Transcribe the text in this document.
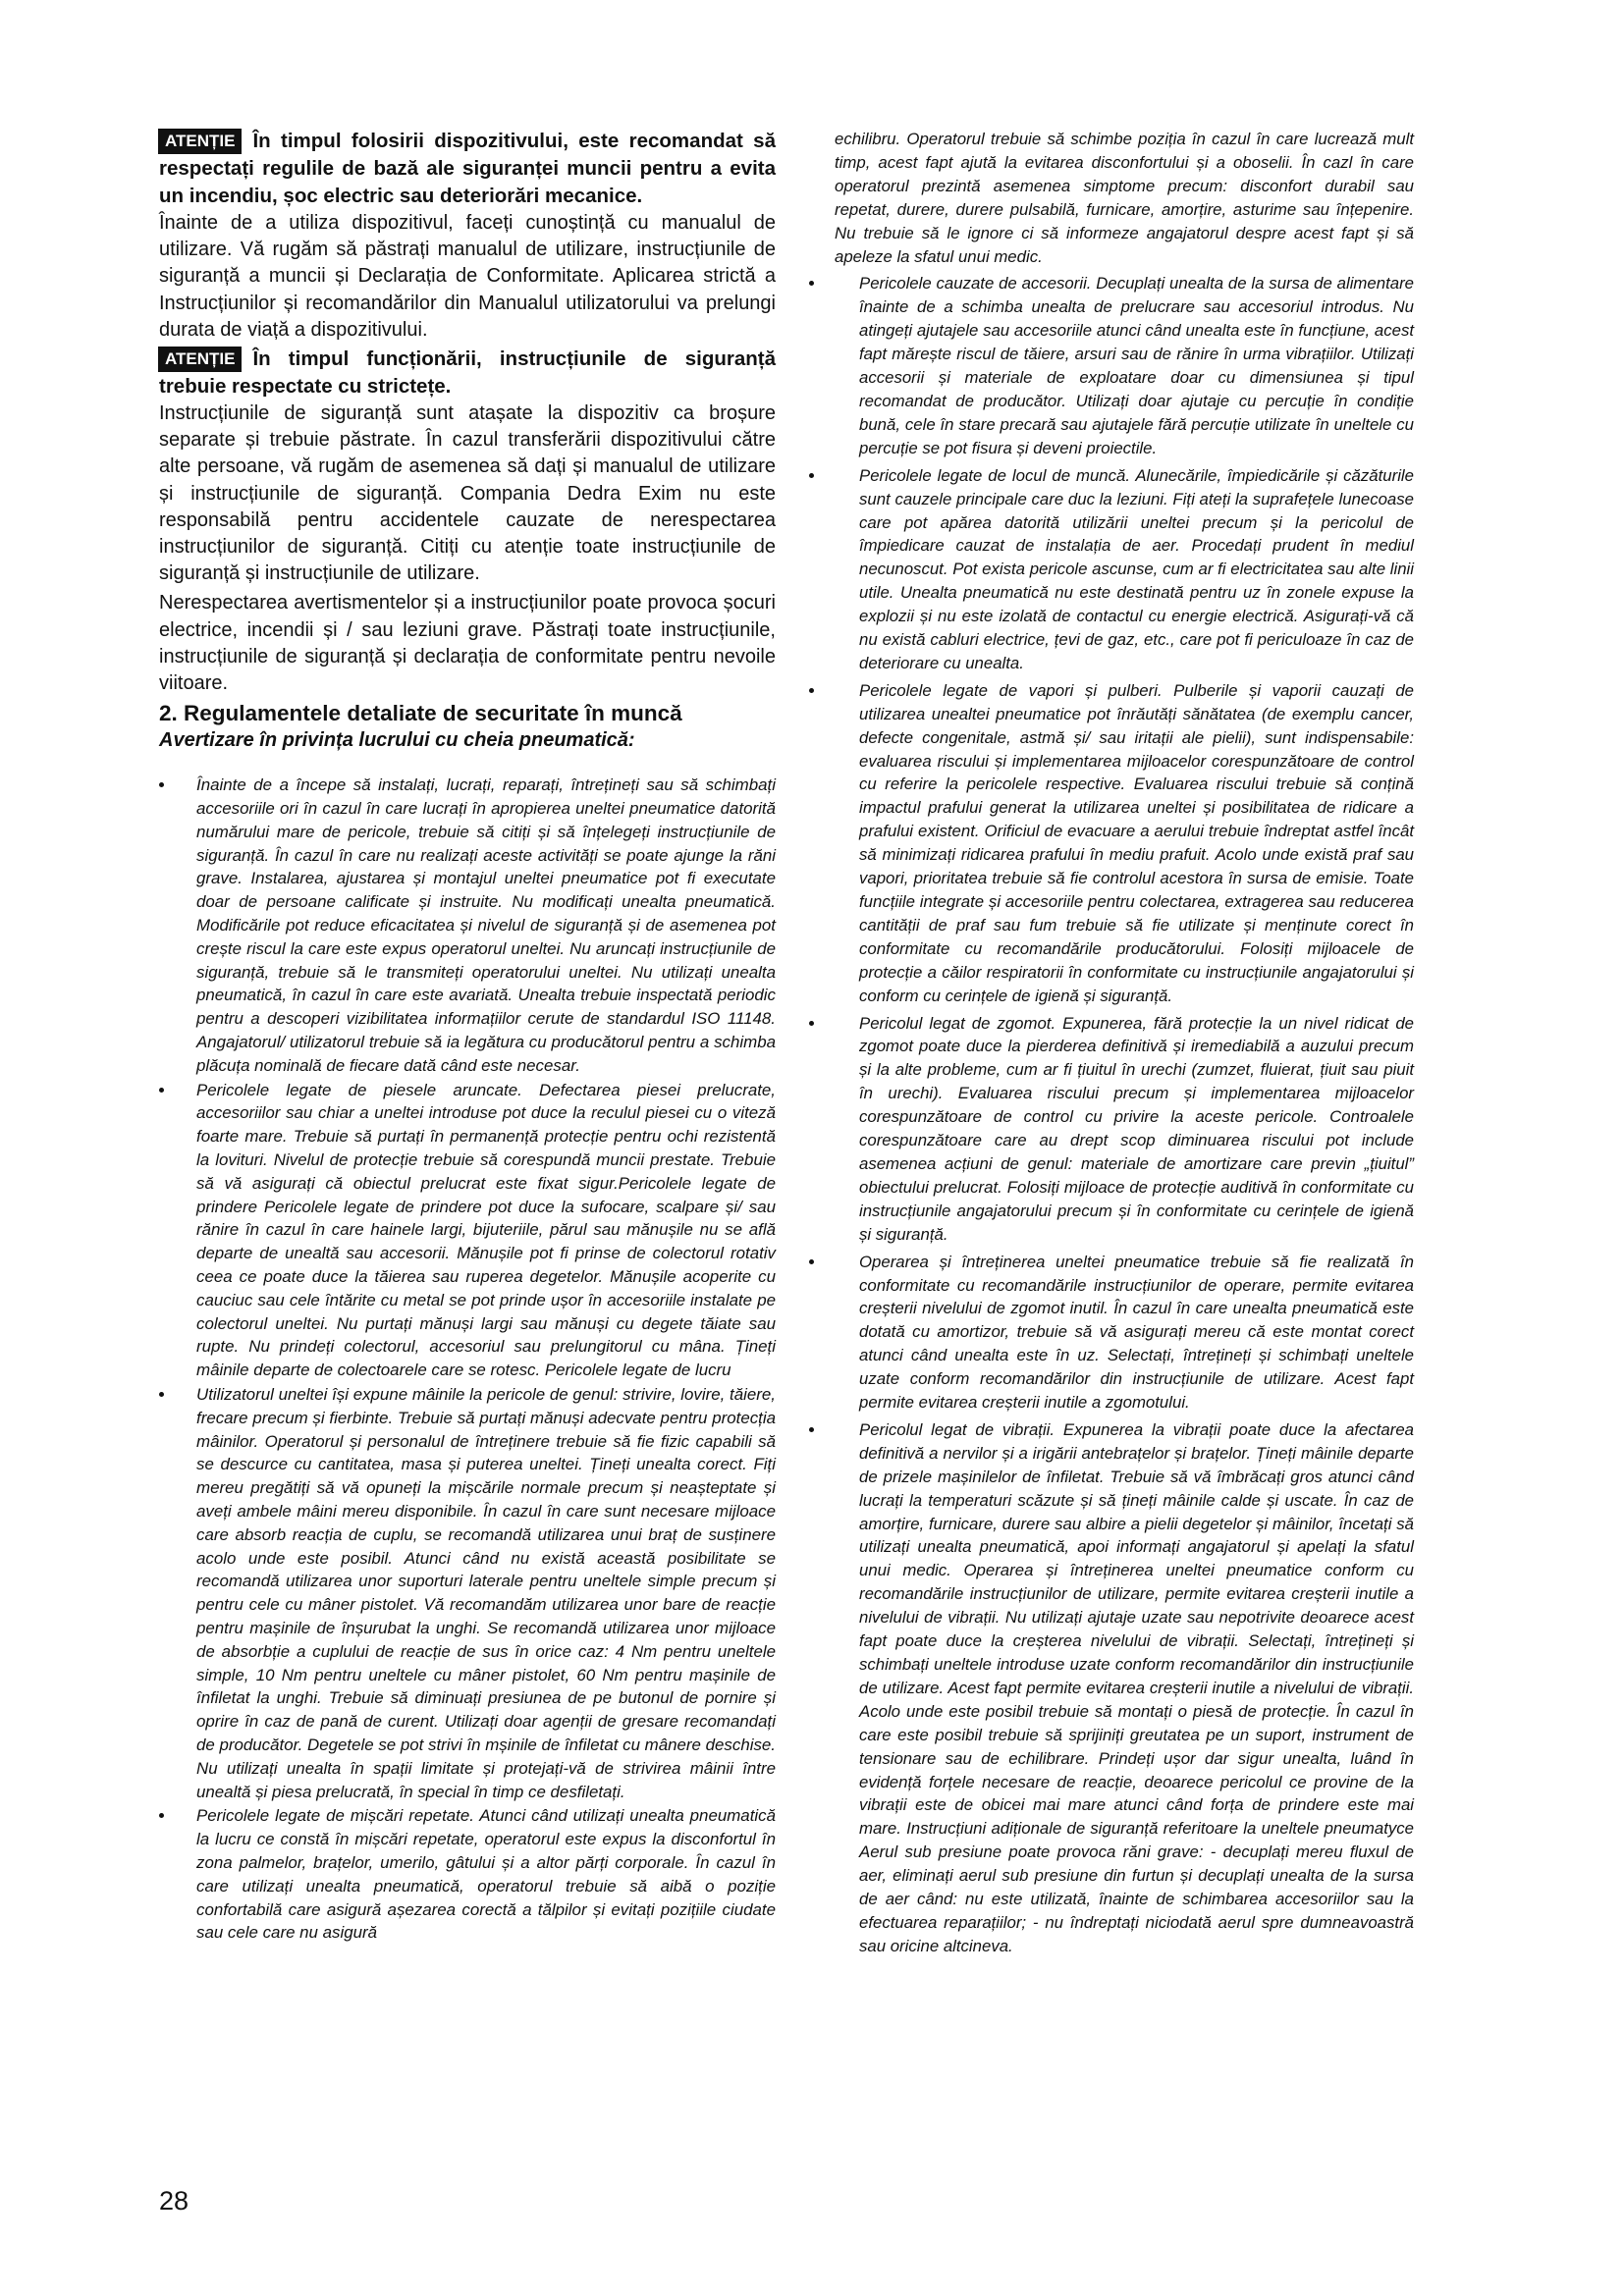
ATENȚIE În timpul folosirii dispozitivului, este recomandat să respectați regulile de bază ale siguranței muncii pentru a evita un incendiu, șoc electric sau deteriorări mecanice.

Înainte de a utiliza dispozitivul, faceți cunoștință cu manualul de utilizare. Vă rugăm să păstrați manualul de utilizare, instrucțiunile de siguranță a muncii și Declarația de Conformitate. Aplicarea strictă a Instrucțiunilor și recomandărilor din Manualul utilizatorului va prelungi durata de viață a dispozitivului.

ATENȚIE În timpul funcționării, instrucțiunile de siguranță trebuie respectate cu strictețe.

Instrucțiunile de siguranță sunt atașate la dispozitiv ca broșure separate și trebuie păstrate. În cazul transferării dispozitivului către alte persoane, vă rugăm de asemenea să dați și manualul de utilizare și instrucțiunile de siguranță. Compania Dedra Exim nu este responsabilă pentru accidentele cauzate de nerespectarea instrucțiunilor de siguranță. Citiți cu atenție toate instrucțiunile de siguranță și instrucțiunile de utilizare.

Nerespectarea avertismentelor și a instrucțiunilor poate provoca șocuri electrice, incendii și / sau leziuni grave. Păstrați toate instrucțiunile, instrucțiunile de siguranță și declarația de conformitate pentru nevoile viitoare.

2. Regulamentele detaliate de securitate în muncă

Avertizare în privința lucrului cu cheia pneumatică:

Înainte de a începe să instalați, lucrați, reparați, întrețineți sau să schimbați accesoriile ori în cazul în care lucrați în apropierea uneltei pneumatice datorită numărului mare de pericole, trebuie să citiți și să înțelegeți instrucțiunile de siguranță. În cazul în care nu realizați aceste activități se poate ajunge la răni grave. Instalarea, ajustarea și montajul uneltei pneumatice pot fi executate doar de persoane calificate și instruite. Nu modificați unealta pneumatică. Modificările pot reduce eficacitatea și nivelul de siguranță și de asemenea pot crește riscul la care este expus operatorul uneltei. Nu aruncați instrucțiunile de siguranță, trebuie să le transmiteți operatorului uneltei. Nu utilizați unealta pneumatică, în cazul în care este avariată. Unealta trebuie inspectată periodic pentru a descoperi vizibilitatea informațiilor cerute de standardul ISO 11148. Angajatorul/ utilizatorul trebuie să ia legătura cu producătorul pentru a schimba plăcuța nominală de fiecare dată când este necesar.
Pericolele legate de piesele aruncate. Defectarea piesei prelucrate, accesoriilor sau chiar a uneltei introduse pot duce la reculul piesei cu o viteză foarte mare. Trebuie să purtați în permanență protecție pentru ochi rezistentă la lovituri. Nivelul de protecție trebuie să corespundă muncii prestate. Trebuie să vă asigurați că obiectul prelucrat este fixat sigur.Pericolele legate de prindere Pericolele legate de prindere pot duce la sufocare, scalpare și/ sau rănire în cazul în care hainele largi, bijuteriile, părul sau mănușile nu se află departe de unealtă sau accesorii. Mănușile pot fi prinse de colectorul rotativ ceea ce poate duce la tăierea sau ruperea degetelor. Mănușile acoperite cu cauciuc sau cele întărite cu metal se pot prinde ușor în accesoriile instalate pe colectorul uneltei. Nu purtați mănuși largi sau mănuși cu degete tăiate sau rupte. Nu prindeți colectorul, accesoriul sau prelungitorul cu mâna. Țineți mâinile departe de colectoarele care se rotesc. Pericolele legate de lucru
Utilizatorul uneltei își expune mâinile la pericole de genul: strivire, lovire, tăiere, frecare precum și fierbinte. Trebuie să purtați mănuși adecvate pentru protecția mâinilor. Operatorul și personalul de întreținere trebuie să fie fizic capabili să se descurce cu cantitatea, masa și puterea uneltei. Țineți unealta corect. Fiți mereu pregătiți să vă opuneți la mișcările normale precum și neașteptate și aveți ambele mâini mereu disponibile. În cazul în care sunt necesare mijloace care absorb reacția de cuplu, se recomandă utilizarea unui braț de susținere acolo unde este posibil. Atunci când nu există această posibilitate se recomandă utilizarea unor suporturi laterale pentru uneltele simple precum și pentru cele cu mâner pistolet. Vă recomandăm utilizarea unor bare de reacție pentru mașinile de înșurubat la unghi. Se recomandă utilizarea unor mijloace de absorbție a cuplului de reacție de sus în orice caz: 4 Nm pentru uneltele simple, 10 Nm pentru uneltele cu mâner pistolet, 60 Nm pentru mașinile de înfiletat la unghi. Trebuie să diminuați presiunea de pe butonul de pornire și oprire în caz de pană de curent. Utilizați doar agenții de gresare recomandați de producător. Degetele se pot strivi în mșinile de înfiletat cu mânere deschise. Nu utilizați unealta în spații limitate și protejați-vă de strivirea mâinii între unealtă și piesa prelucrată, în special în timp ce desfiletați.
Pericolele legate de mișcări repetate. Atunci când utilizați unealta pneumatică la lucru ce constă în mișcări repetate, operatorul este expus la disconfortul în zona palmelor, brațelor, umerilo, gâtului și a altor părți corporale. În cazul în care utilizați unealta pneumatică, operatorul trebuie să aibă o poziție confortabilă care asigură așezarea corectă a tălpilor și evitați pozițiile ciudate sau cele care nu asigură

echilibru. Operatorul trebuie să schimbe poziția în cazul în care lucrează mult timp, acest fapt ajută la evitarea disconfortului și a oboselii. În cazl în care operatorul prezintă asemenea simptome precum: disconfort durabil sau repetat, durere, durere pulsabilă, furnicare, amorțire, asturime sau înțepenire. Nu trebuie să le ignore ci să informeze angajatorul despre acest fapt și să apeleze la sfatul unui medic.

Pericolele cauzate de accesorii. Decuplați unealta de la sursa de alimentare înainte de a schimba unealta de prelucrare sau accesoriul introdus. Nu atingeți ajutajele sau accesoriile atunci când unealta este în funcțiune, acest fapt mărește riscul de tăiere, arsuri sau de rănire în urma vibrațiilor. Utilizați accesorii și materiale de exploatare doar cu dimensiunea și tipul recomandat de producător. Utilizați doar ajutaje cu percuție în condiție bună, cele în stare precară sau ajutajele fără percuție utilizate în uneltele cu percuție se pot fisura și deveni proiectile.
Pericolele legate de locul de muncă. Alunecările, împiedicările și căzăturile sunt cauzele principale care duc la leziuni. Fiți ateți la suprafețele lunecoase care pot apărea datorită utilizării uneltei precum și la pericolul de împiedicare cauzat de instalația de aer. Procedați prudent în mediul necunoscut. Pot exista pericole ascunse, cum ar fi electricitatea sau alte linii utile. Unealta pneumatică nu este destinată pentru uz în zonele expuse la explozii și nu este izolată de contactul cu energie electrică. Asigurați-vă că nu există cabluri electrice, țevi de gaz, etc., care pot fi periculoaze în caz de deteriorare cu unealta.
Pericolele legate de vapori și pulberi. Pulberile și vaporii cauzați de utilizarea unealtei pneumatice pot înrăutăți sănătatea (de exemplu cancer, defecte congenitale, astmă și/ sau iritații ale pielii), sunt indispensabile: evaluarea riscului și implementarea mijloacelor corespunzătoare de control cu referire la pericolele respective. Evaluarea riscului trebuie să conțină impactul prafului generat la utilizarea uneltei și posibilitatea de ridicare a prafului existent. Orificiul de evacuare a aerului trebuie îndreptat astfel încât să minimizați ridicarea prafului în mediu prafuit. Acolo unde există praf sau vapori, prioritatea trebuie să fie controlul acestora în sursa de emisie. Toate funcțiile integrate și accesoriile pentru colectarea, extragerea sau reducerea cantității de praf sau fum trebuie să fie utilizate și menținute corect în conformitate cu recomandările producătorului. Folosiți mijloacele de protecție a căilor respiratorii în conformitate cu instrucțiunile angajatorului și conform cu cerințele de igienă și siguranță.
Pericolul legat de zgomot. Expunerea, fără protecție la un nivel ridicat de zgomot poate duce la pierderea definitivă și iremediabilă a auzului precum și la alte probleme, cum ar fi țiuitul în urechi (zumzet, fluierat, țiuit sau piuit în urechi). Evaluarea riscului precum și implementarea mijloacelor corespunzătoare de control cu privire la aceste pericole. Controalele corespunzătoare care au drept scop diminuarea riscului pot include asemenea acțiuni de genul: materiale de amortizare care previn „țiuitul” obiectului prelucrat. Folosiți mijloace de protecție auditivă în conformitate cu instrucțiunile angajatorului precum și în conformitate cu cerințele de igienă și siguranță.
Operarea și întreținerea uneltei pneumatice trebuie să fie realizată în conformitate cu recomandările instrucțiunilor de operare, permite evitarea creșterii nivelului de zgomot inutil. În cazul în care unealta pneumatică este dotată cu amortizor, trebuie să vă asigurați mereu că este montat corect atunci când unealta este în uz. Selectați, întrețineți și schimbați uneltele uzate conform recomandărilor din instrucțiunile de utilizare. Acest fapt permite evitarea creșterii inutile a zgomotului.
Pericolul legat de vibrații. Expunerea la vibrații poate duce la afectarea definitivă a nervilor și a irigării antebrațelor și brațelor. Țineți mâinile departe de prizele mașinilelor de înfiletat. Trebuie să vă îmbrăcați gros atunci când lucrați la temperaturi scăzute și să țineți mâinile calde și uscate. În caz de amorțire, furnicare, durere sau albire a pielii degetelor și mâinilor, încetați să utilizați unealta pneumatică, apoi informați angajatorul și apelați la sfatul unui medic. Operarea și întreținerea uneltei pneumatice conform cu recomandările instrucțiunilor de utilizare, permite evitarea creșterii inutile a nivelului de vibrații. Nu utilizați ajutaje uzate sau nepotrivite deoarece acest fapt poate duce la creșterea nivelului de vibrații. Selectați, întrețineți și schimbați uneltele introduse uzate conform recomandărilor din instrucțiunile de utilizare. Acest fapt permite evitarea creșterii inutile a nivelului de vibrații. Acolo unde este posibil trebuie să montați o piesă de protecție. În cazul în care este posibil trebuie să sprijiniți greutatea pe un suport, instrument de tensionare sau de echilibrare. Prindeți ușor dar sigur unealta, luând în evidență forțele necesare de reacție, deoarece pericolul ce provine de la vibrații este de obicei mai mare atunci când forța de prindere este mai mare. Instrucțiuni adiționale de siguranță referitoare la uneltele pneumatyce Aerul sub presiune poate provoca răni grave: - decuplați mereu fluxul de aer, eliminați aerul sub presiune din furtun și decuplați unealta de la sursa de aer când: nu este utilizată, înainte de schimbarea accesoriilor sau la efectuarea reparațiilor; - nu îndreptați niciodată aerul spre dumneavoastră sau oricine altcineva.
28
